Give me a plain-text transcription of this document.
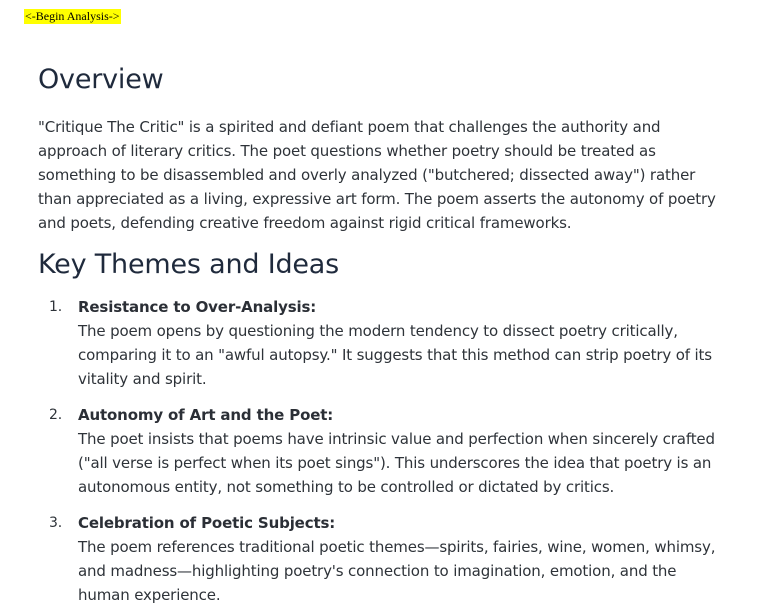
<-Begin Analysis->
Overview

"Critique The Critic" is a spirited and defiant poem that challenges the authority and approach of literary critics. The poet questions whether poetry should be treated as something to be disassembled and overly analyzed ("butchered; dissected away") rather than appreciated as a living, expressive art form. The poem asserts the autonomy of poetry and poets, defending creative freedom against rigid critical frameworks.

Key Themes and Ideas
1. Resistance to Over-Analysis:
The poem opens by questioning the modern tendency to dissect poetry critically, comparing it to an "awful autopsy." It suggests that this method can strip poetry of its vitality and spirit.
2. Autonomy of Art and the Poet:
The poet insists that poems have intrinsic value and perfection when sincerely crafted ("all verse is perfect when its poet sings"). This underscores the idea that poetry is an autonomous entity, not something to be controlled or dictated by critics.
3. Celebration of Poetic Subjects:
The poem references traditional poetic themes—spirits, fairies, wine, women, whimsy, and madness—highlighting poetry's connection to imagination, emotion, and the human experience.
